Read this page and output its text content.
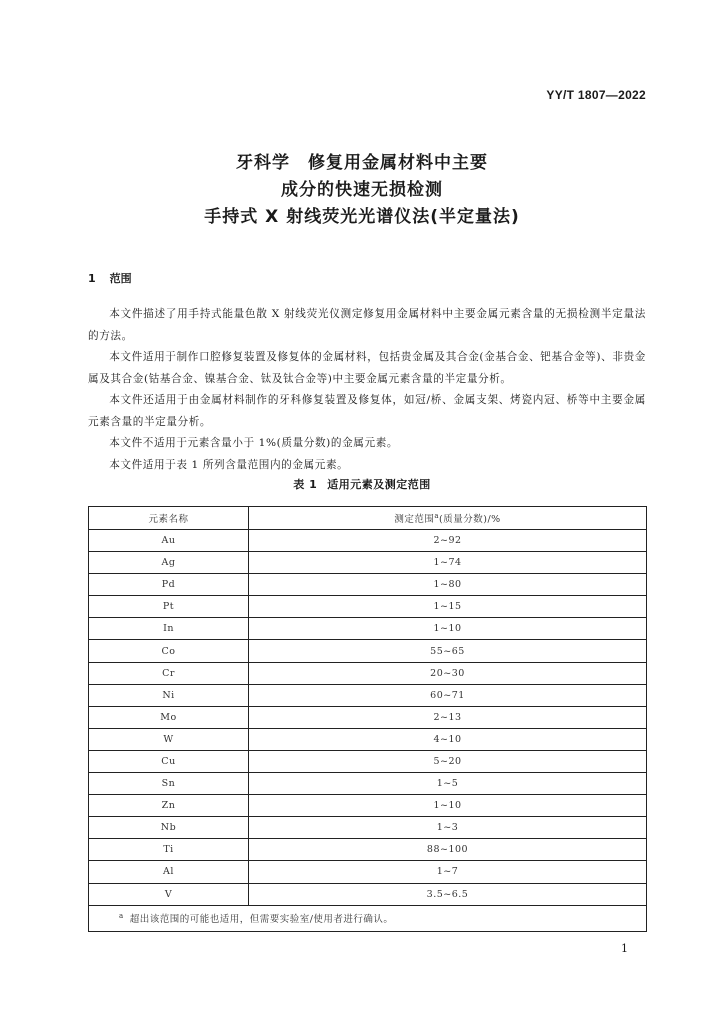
YY/T 1807—2022
牙科学　修复用金属材料中主要
成分的快速无损检测
手持式 X 射线荧光光谱仪法(半定量法)
1 范围

本文件描述了用手持式能量色散 X 射线荧光仪测定修复用金属材料中主要金属元素含量的无损检测半定量法的方法。

本文件适用于制作口腔修复装置及修复体的金属材料，包括贵金属及其合金(金基合金、钯基合金等)、非贵金属及其合金(钴基合金、镍基合金、钛及钛合金等)中主要金属元素含量的半定量分析。

本文件还适用于由金属材料制作的牙科修复装置及修复体，如冠/桥、金属支架、烤瓷内冠、桥等中主要金属元素含量的半定量分析。

本文件不适用于元素含量小于 1%(质量分数)的金属元素。

本文件适用于表 1 所列含量范围内的金属元素。

表 1 适用元素及测定范围
元素名称	测定范围$^a$(质量分数)/%
Au	2~92
Ag	1~74
Pd	1~80
Pt	1~15
In	1~10
Co	55~65
Cr	20~30
Ni	60~71
Mo	2~13
W	4~10
Cu	5~20
Sn	1~5
Zn	1~10
Nb	1~3
Ti	88~100
Al	1~7
V	3.5~6.5
$^a$ 超出该范围的可能也适用，但需要实验室/使用者进行确认。	
1
